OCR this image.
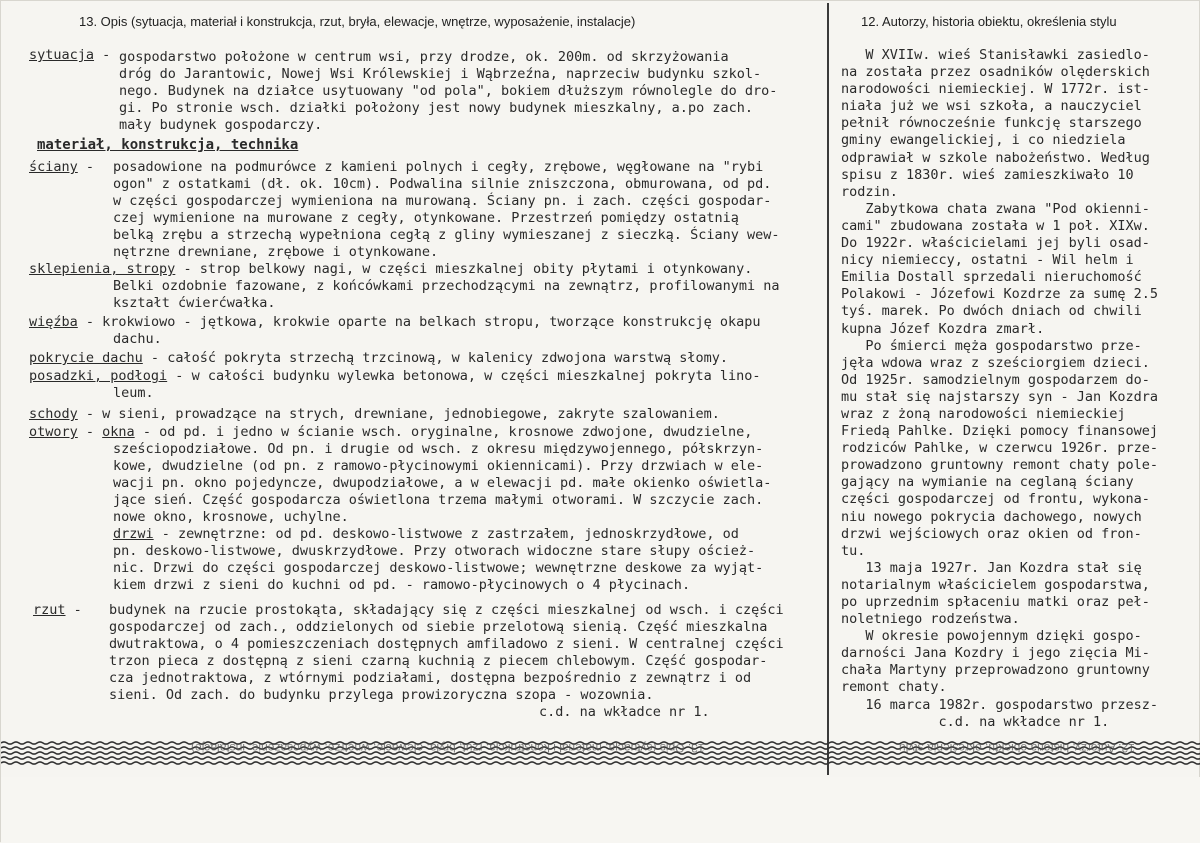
13. Opis (sytuacja, materiał i konstrukcja, rzut, bryła, elewacje, wnętrze, wyposażenie, instalacje)	12. Autorzy, historia obiektu, określenia stylu
sytuacja - gospodarstwo położone w centrum wsi, przy drodze, ok. 200m. od skrzyżowania
dróg do Jarantowic, Nowej Wsi Królewskiej i Wąbrzeźna, naprzeciw budynku szkol-
nego. Budynek na działce usytuowany "od pola", bokiem dłuższym równolegle do dro-
gi. Po stronie wsch. działki położony jest nowy budynek mieszkalny, a.po zach.
mały budynek gospodarczy.
materiał, konstrukcja, technika
ściany - posadowione na podmurówce z kamieni polnych i cegły, zrębowe, węgłowane na "rybi
ogon" z ostatkami (dł. ok. 10cm). Podwalina silnie zniszczona, obmurowana, od pd.
w części gospodarczej wymieniona na murowaną. Ściany pn. i zach. części gospodar-
czej wymienione na murowane z cegły, otynkowane. Przestrzeń pomiędzy ostatnią
belką zrębu a strzechą wypełniona cegłą z gliny wymieszanej z sieczką. Ściany wew-
nętrzne drewniane, zrębowe i otynkowane.
sklepienia, stropy - strop belkowy nagi, w części mieszkalnej obity płytami i otynkowany.
Belki ozdobnie fazowane, z końcówkami przechodzącymi na zewnątrz, profilowanymi na
kształt ćwierćwałka.
więźba - krokwiowo - jętkowa, krokwie oparte na belkach stropu, tworzące konstrukcję okapu
dachu.
pokrycie dachu - całość pokryta strzechą trzcinową, w kalenicy zdwojona warstwą słomy.
posadzki, podłogi - w całości budynku wylewka betonowa, w części mieszkalnej pokryta lino-
leum.
schody - w sieni, prowadzące na strych, drewniane, jednobiegowe, zakryte szalowaniem.
otwory - okna - od pd. i jedno w ścianie wsch. oryginalne, krosnowe zdwojone, dwudzielne,
sześciopodziałowe. Od pn. i drugie od wsch. z okresu międzywojennego, półskrzyn-
kowe, dwudzielne (od pn. z ramowo-płycinowymi okiennicami). Przy drzwiach w ele-
wacji pn. okno pojedyncze, dwupodziałowe, a w elewacji pd. małe okienko oświetla-
jące sień. Część gospodarcza oświetlona trzema małymi otworami. W szczycie zach.
nowe okno, krosnowe, uchylne.
drzwi - zewnętrzne: od pd. deskowo-listwowe z zastrzałem, jednoskrzydłowe, od
pn. deskowo-listwowe, dwuskrzydłowe. Przy otworach widoczne stare słupy oścież-
nic. Drzwi do części gospodarczej deskowo-listwowe; wewnętrzne deskowe za wyjąt-
kiem drzwi z sieni do kuchni od pd. - ramowo-płycinowych o 4 płycinach.
rzut - budynek na rzucie prostokąta, składający się z części mieszkalnej od wsch. i części
gospodarczej od zach., oddzielonych od siebie przelotową sienią. Część mieszkalna
dwutraktowa, o 4 pomieszczeniach dostępnych amfiladowo z sieni. W centralnej części
trzon pieca z dostępną z sieni czarną kuchnią z piecem chlebowym. Część gospodar-
cza jednotraktowa, z wtórnymi podziałami, dostępna bezpośrednio z zewnątrz i od
sieni. Od zach. do budynku przylega prowizoryczna szopa - wozownia.
c.d. na wkładce nr 1.
W XVIIw. wieś Stanisławki zasiedlo-
na została przez osadników olęderskich
narodowości niemieckiej. W 1772r. ist-
niała już we wsi szkoła, a nauczyciel
pełnił równocześnie funkcję starszego
gminy ewangelickiej, i co niedziela
odprawiał w szkole nabożeństwo. Według
spisu z 1830r. wieś zamieszkiwało 10
rodzin.
Zabytkowa chata zwana "Pod okienni-
cami" zbudowana została w 1 poł. XIXw.
Do 1922r. właścicielami jej byli osad-
nicy niemieccy, ostatni - Wil helm i
Emilia Dostall sprzedali nieruchomość
Polakowi - Józefowi Kozdrze za sumę 2.5
tyś. marek. Po dwóch dniach od chwili
kupna Józef Kozdra zmarł.
Po śmierci męża gospodarstwo prze-
jęła wdowa wraz z sześciorgiem dzieci.
Od 1925r. samodzielnym gospodarzem do-
mu stał się najstarszy syn - Jan Kozdra
wraz z żoną narodowości niemieckiej
Friedą Pahlke. Dzięki pomocy finansowej
rodziców Pahlke, w czerwcu 1926r. prze-
prowadzono gruntowny remont chaty pole-
gający na wymianie na ceglaną ściany
części gospodarczej od frontu, wykona-
niu nowego pokrycia dachowego, nowych
drzwi wejściowych oraz okien od fron-
tu.
13 maja 1927r. Jan Kozdra stał się
notarialnym właścicielem gospodarstwa,
po uprzednim spłaceniu matki oraz peł-
noletniego rodzeństwa.
W okresie powojennym dzięki gospo-
darności Jana Kozdry i jego zięcia Mi-
chała Martyny przeprowadzono gruntowny
remont chaty.
16 marca 1982r. gospodarstwo przesz-
c.d. na wkładce nr 1.
13. Opis (sytuacja, materiał i konstrukcja, rzut, bryła, elewacje, wnętrze, wyposażenie, instalacje)	12. Autorzy, historia obiektu, określenia stylu
